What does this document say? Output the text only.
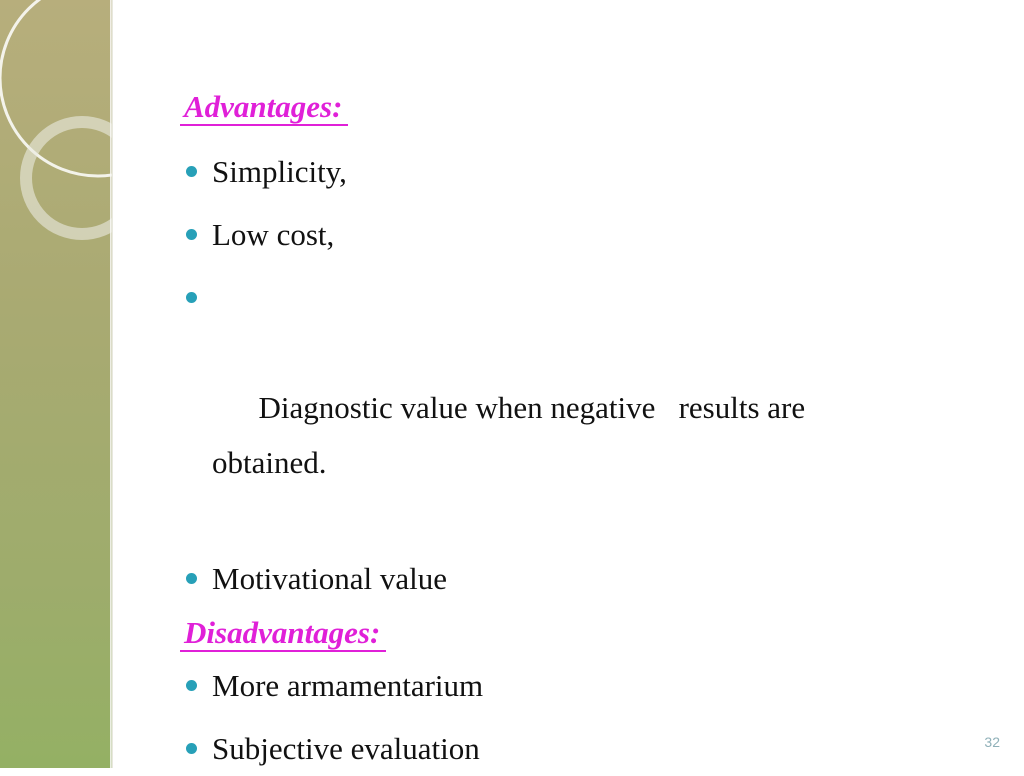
Advantages:
Simplicity,
Low cost,

Diagnostic value when negative   results are obtained.

Motivational value
Disadvantages:
More armamentarium
Subjective evaluation	32
